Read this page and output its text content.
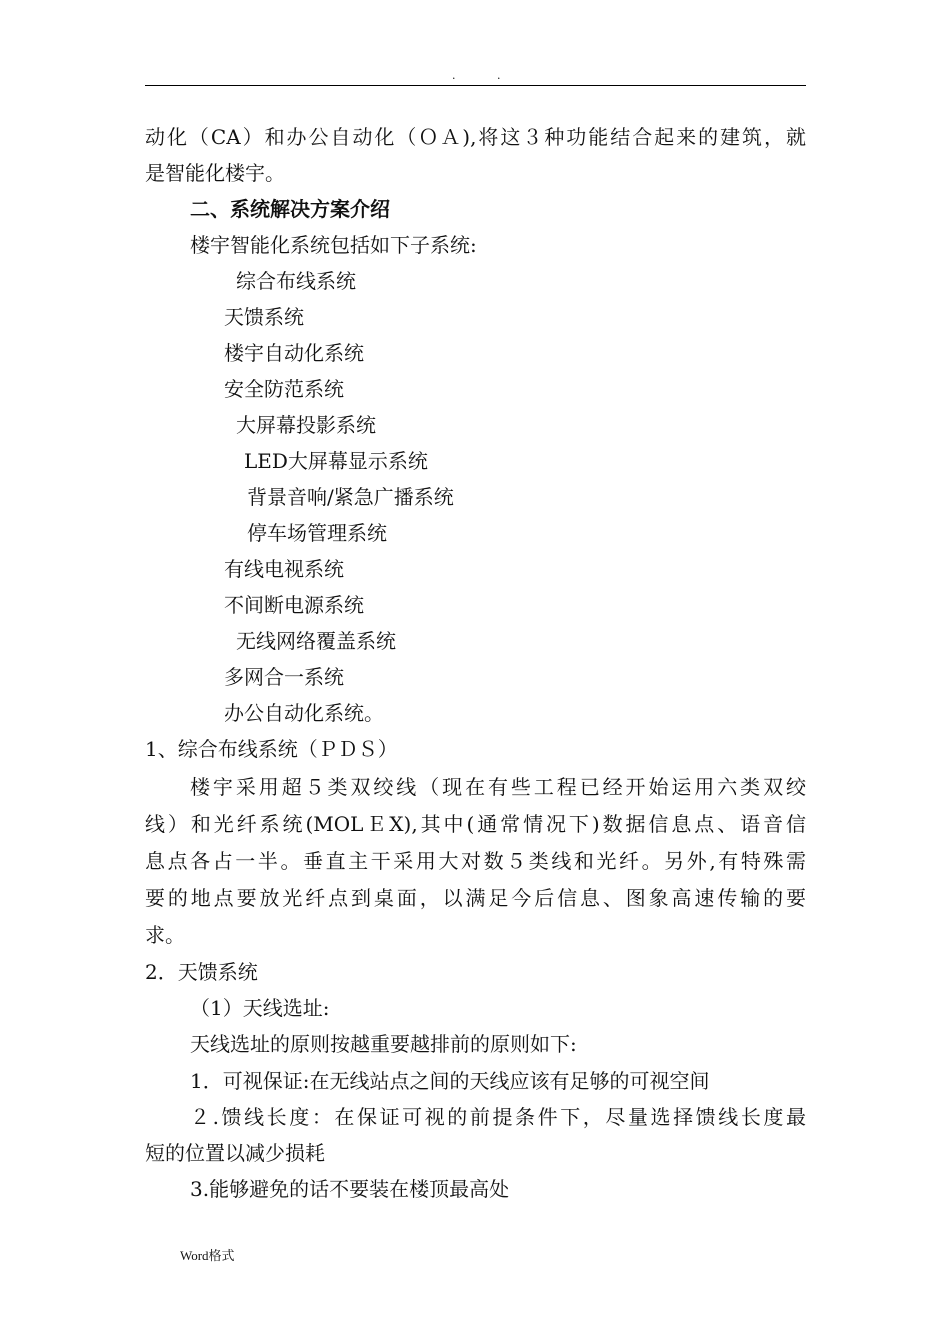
.	.
动化（CA）和办公自动化（ＯＡ),将这３种功能结合起来的建筑，就
是智能化楼宇。
二、系统解决方案介绍
楼宇智能化系统包括如下子系统:
综合布线系统
天馈系统
楼宇自动化系统
安全防范系统
大屏幕投影系统
LED大屏幕显示系统
背景音响/紧急广播系统
停车场管理系统
有线电视系统
不间断电源系统
无线网络覆盖系统
多网合一系统
办公自动化系统。
1、综合布线系统（ＰＤＳ）
楼宇采用超５类双绞线（现在有些工程已经开始运用六类双绞
线）和光纤系统(MOLＥX),其中(通常情况下)数据信息点、语音信
息点各占一半。垂直主干采用大对数５类线和光纤。另外,有特殊需
要的地点要放光纤点到桌面，以满足今后信息、图象高速传输的要
求。
2．天馈系统
（1）天线选址:
天线选址的原则按越重要越排前的原则如下:
1．可视保证:在无线站点之间的天线应该有足够的可视空间
２.馈线长度：在保证可视的前提条件下，尽量选择馈线长度最
短的位置以减少损耗
3.能够避免的话不要装在楼顶最高处
Word格式
